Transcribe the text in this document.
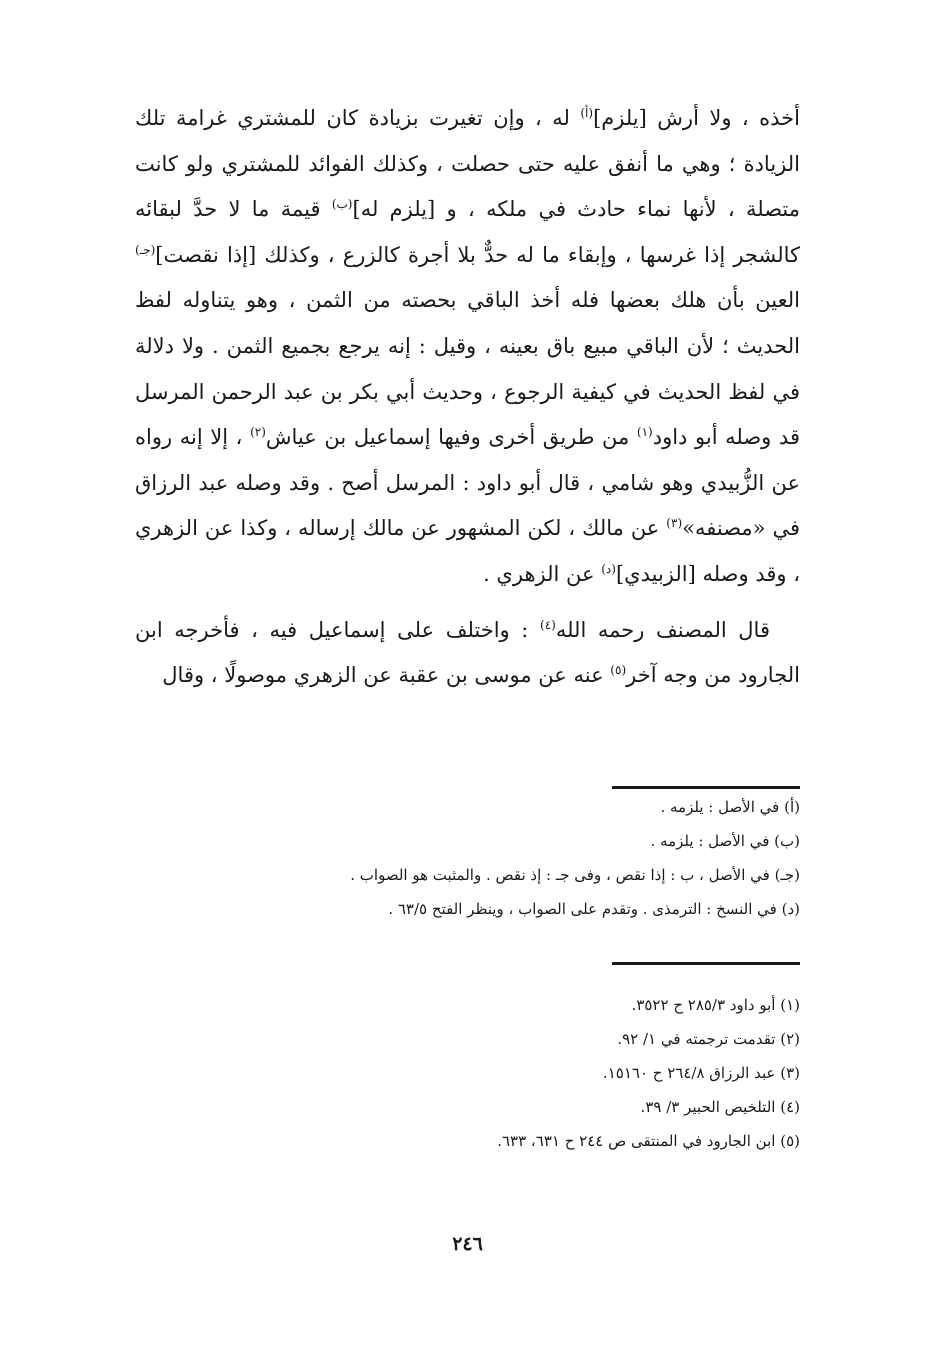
أخذه ، ولا أرش [يلزم]$^{(أ)}$ له ، وإن تغيرت بزيادة كان للمشتري غرامة تلك الزيادة ؛ وهي ما أنفق عليه حتى حصلت ، وكذلك الفوائد للمشتري ولو كانت متصلة ، لأنها نماء حادث في ملكه ، و [يلزم له]$^{(ب)}$ قيمة ما لا حدَّ لبقائه كالشجر إذا غرسها ، وإبقاء ما له حدٌّ بلا أجرة كالزرع ، وكذلك [إذا نقصت]$^{(جـ)}$ العين بأن هلك بعضها فله أخذ الباقي بحصته من الثمن ، وهو يتناوله لفظ الحديث ؛ لأن الباقي مبيع باق بعينه ، وقيل : إنه يرجع بجميع الثمن . ولا دلالة في لفظ الحديث في كيفية الرجوع ، وحديث أبي بكر بن عبد الرحمن المرسل قد وصله أبو داود$^{(١)}$ من طريق أخرى وفيها إسماعيل بن عياش$^{(٢)}$ ، إلا إنه رواه عن الزُّبيدي وهو شامي ، قال أبو داود : المرسل أصح . وقد وصله عبد الرزاق في «مصنفه»$^{(٣)}$ عن مالك ، لكن المشهور عن مالك إرساله ، وكذا عن الزهري ، وقد وصله [الزبيدي]$^{(د)}$ عن الزهري .

قال المصنف رحمه الله$^{(٤)}$ : واختلف على إسماعيل فيه ، فأخرجه ابن الجارود من وجه آخر$^{(٥)}$ عنه عن موسى بن عقبة عن الزهري موصولًا ، وقال

(أ) في الأصل : يلزمه .
(ب) في الأصل : يلزمه .
(جـ) في الأصل ، ب : إذا نقص ، وفى جـ : إذ نقص . والمثبت هو الصواب .
(د) في النسخ : الترمذى . وتقدم على الصواب ، وينظر الفتح ٦٣/٥ .
(١) أبو داود ٢٨٥/٣ ح ٣٥٢٢.
(٢) تقدمت ترجمته في ١/ ٩٢.
(٣) عبد الرزاق ٢٦٤/٨ ح ١٥١٦٠.
(٤) التلخيص الحبير ٣/ ٣٩.
(٥) ابن الجارود في المنتقى ص ٢٤٤ ح ٦٣١، ٦٣٣.
٢٤٦
